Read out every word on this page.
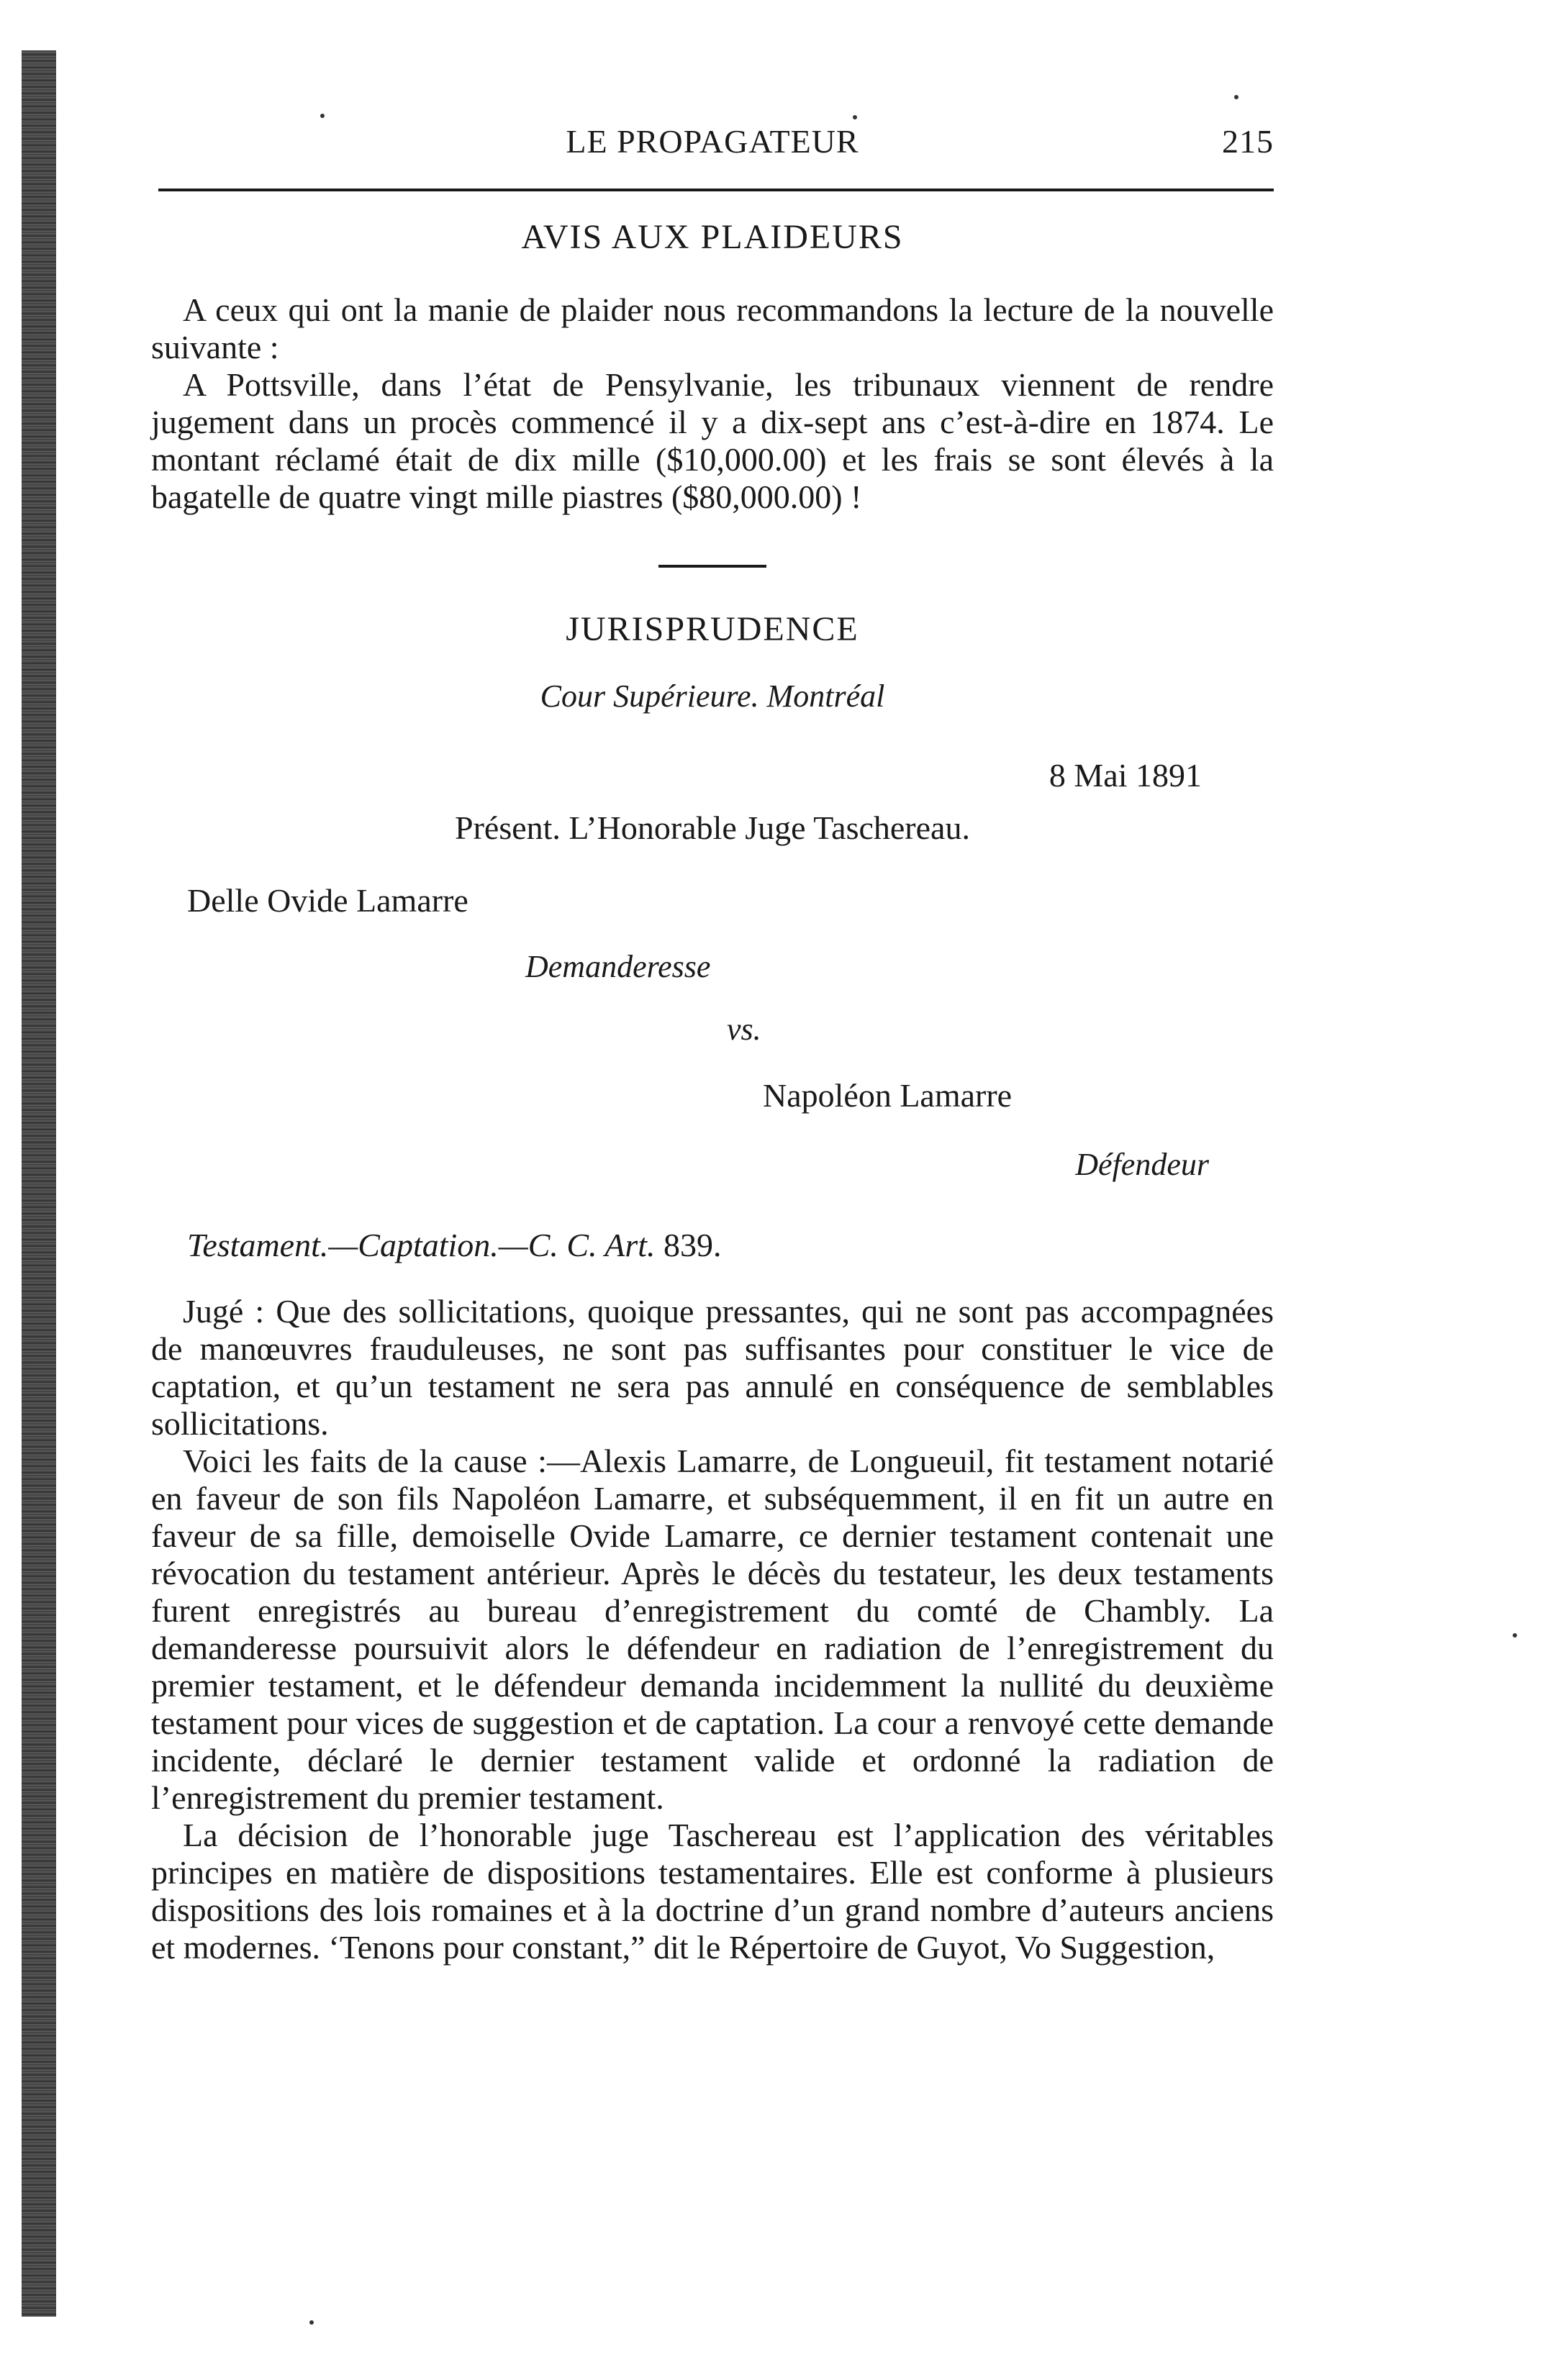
LE PROPAGATEUR	215
AVIS AUX PLAIDEURS

A ceux qui ont la manie de plaider nous recommandons la lecture de la nouvelle suivante :

A Pottsville, dans l’état de Pensylvanie, les tribunaux viennent de rendre jugement dans un procès commencé il y a dix-sept ans c’est-à-dire en 1874. Le montant réclamé était de dix mille ($10,000.00) et les frais se sont élevés à la bagatelle de quatre vingt mille piastres ($80,000.00) !

JURISPRUDENCE
Cour Supérieure. Montréal
8 Mai 1891
Présent. L’Honorable Juge Taschereau.
Delle Ovide Lamarre
Demanderesse
vs.
Napoléon Lamarre
Défendeur
Testament.—Captation.—C. C. Art. 839.

Jugé : Que des sollicitations, quoique pressantes, qui ne sont pas accompagnées de manœuvres frauduleuses, ne sont pas suffisantes pour constituer le vice de captation, et qu’un testament ne sera pas annulé en conséquence de semblables sollicitations.

Voici les faits de la cause :—Alexis Lamarre, de Longueuil, fit testament notarié en faveur de son fils Napoléon Lamarre, et subséquemment, il en fit un autre en faveur de sa fille, demoiselle Ovide Lamarre, ce dernier testament contenait une révocation du testament antérieur. Après le décès du testateur, les deux testaments furent enregistrés au bureau d’enregistrement du comté de Chambly. La demanderesse poursuivit alors le défendeur en radiation de l’enregistrement du premier testament, et le défendeur demanda incidemment la nullité du deuxième testament pour vices de suggestion et de captation. La cour a renvoyé cette demande incidente, déclaré le dernier testament valide et ordonné la radiation de l’enregistrement du premier testament.

La décision de l’honorable juge Taschereau est l’application des véritables principes en matière de dispositions testamentaires. Elle est conforme à plusieurs dispositions des lois romaines et à la doctrine d’un grand nombre d’auteurs anciens et modernes. ‘Tenons pour constant,” dit le Répertoire de Guyot, Vo Suggestion,
